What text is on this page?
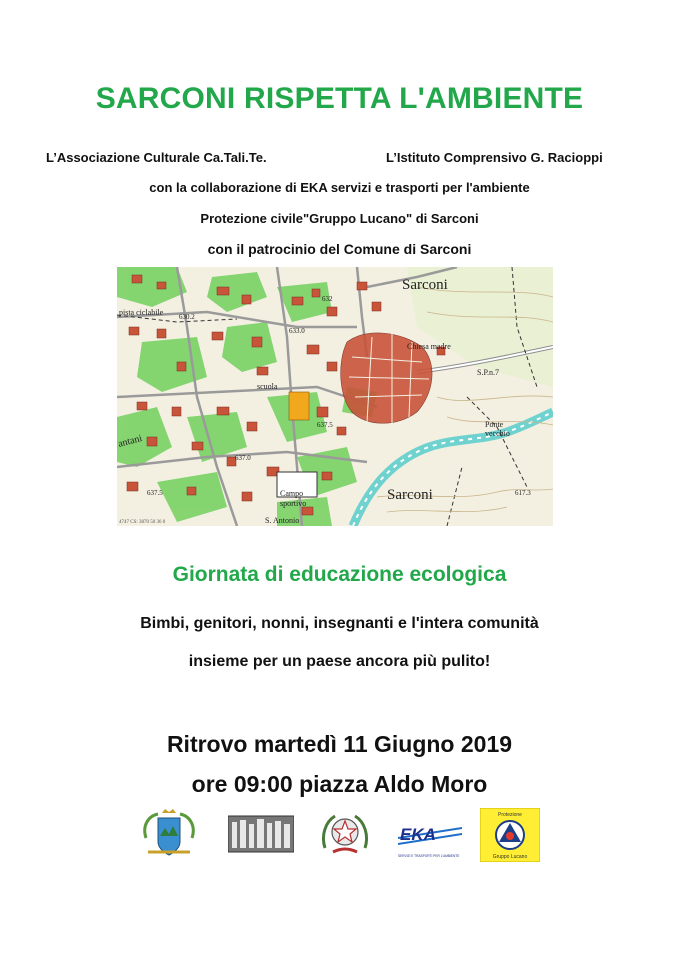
SARCONI RISPETTA L'AMBIENTE
L’Associazione Culturale Ca.Tali.Te.	L’Istituto Comprensivo G. Racioppi
con la collaborazione di EKA servizi e trasporti per l'ambiente
Protezione civile"Gruppo Lucano" di Sarconi
con il patrocinio del Comune di Sarconi
Sarconi
Sarconi
Chiesa madre
pista ciclabile
scuola
Campo
sportivo
Ponte
vecchio
S. Antonio
S.P.n.7
antani
632
630.2
633.0
637.5
637.0
637.5	617.3
4747 CS: 3870 50 36 0
Giornata di educazione ecologica
Bimbi, genitori, nonni, insegnanti e l'intera comunità
insieme per un paese ancora più pulito!
Ritrovo martedì 11 Giugno 2019
ore 09:00 piazza Aldo Moro
EKA
SERVIZI E TRASPORTI PER L'AMBIENTE
Protezione
Gruppo Lucano
